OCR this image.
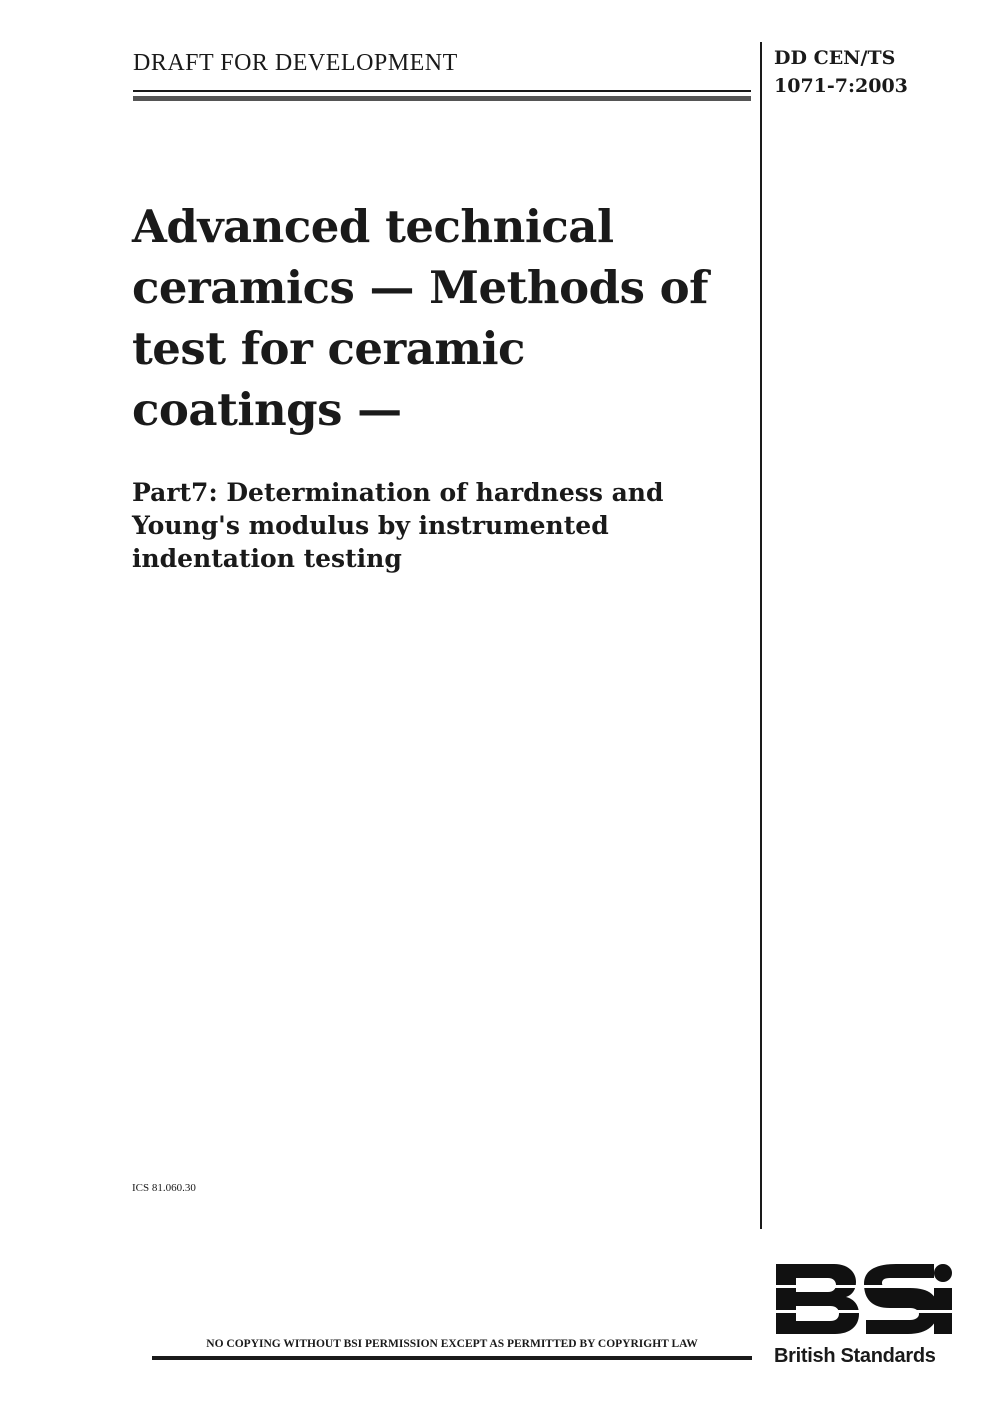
DRAFT FOR DEVELOPMENT	DD CEN/TS
1071-7:2003
Advanced technical
ceramics — Methods of
test for ceramic
coatings —
Part7: Determination of hardness and
Young's modulus by instrumented
indentation testing
ICS 81.060.30
NO COPYING WITHOUT BSI PERMISSION EXCEPT AS PERMITTED BY COPYRIGHT LAW
British Standards
